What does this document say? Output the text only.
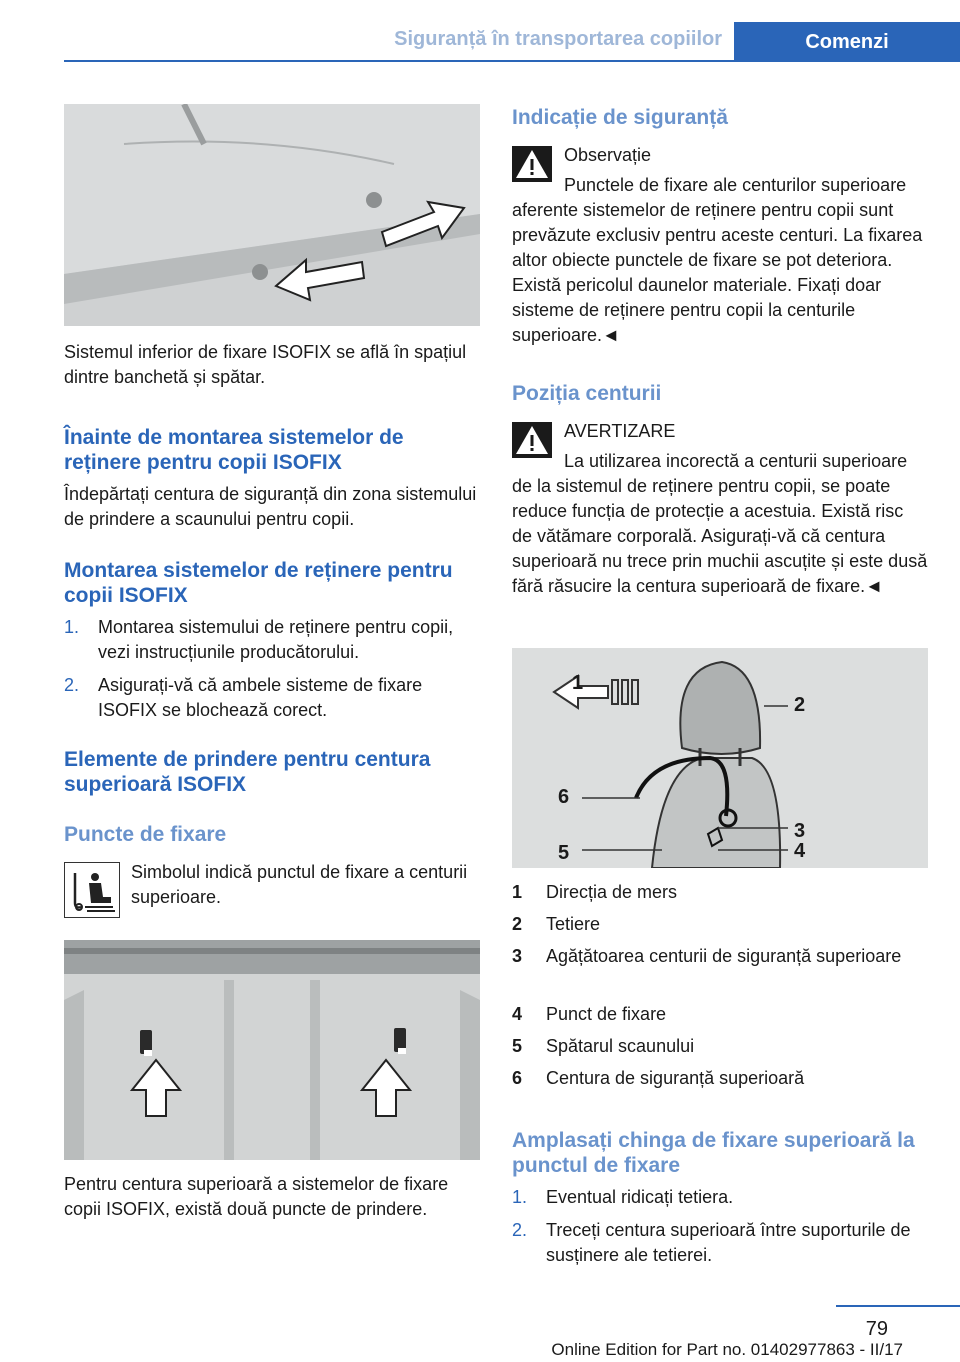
Siguranță în transportarea copiilor	Comenzi
Sistemul inferior de fixare ISOFIX se află în spațiul dintre banchetă și spătar.
Înainte de montarea sistemelor de reținere pentru copii ISOFIX
Îndepărtați centura de siguranță din zona sistemului de prindere a scaunului pentru copii.
Montarea sistemelor de reținere pentru copii ISOFIX
1. Montarea sistemului de reținere pentru copii, vezi instrucțiunile producătorului.
2. Asigurați-vă că ambele sisteme de fixare ISOFIX se blochează corect.
Elemente de prindere pentru centura superioară ISOFIX
Puncte de fixare
Simbolul indică punctul de fixare a centurii superioare.
Pentru centura superioară a sistemelor de fixare copii ISOFIX, există două puncte de prindere.
Indicație de siguranță
Observație
Punctele de fixare ale centurilor superioare aferente sistemelor de reținere pentru copii sunt prevăzute exclusiv pentru aceste centuri. La fixarea altor obiecte punctele de fixare se pot deteriora. Există pericolul daunelor materiale. Fixați doar sisteme de reținere pentru copii la centurile superioare.◄
Poziția centurii
AVERTIZARE
La utilizarea incorectă a centurii superioare de la sistemul de reținere pentru copii, se poate reduce funcția de protecție a acestuia. Există risc de vătămare corporală. Asigurați-vă că centura superioară nu trece prin muchii ascuțite și este dusă fără răsucire la centura superioară de fixare.◄
1
2
3
4
5
6
1 Direcția de mers
2 Tetiere
3 Agățătoarea centurii de siguranță superioare
4 Punct de fixare
5 Spătarul scaunului
6 Centura de siguranță superioară
Amplasați chinga de fixare superioară la punctul de fixare
1. Eventual ridicați tetiera.
2. Treceți centura superioară între suporturile de susținere ale tetierei.
79
Online Edition for Part no. 01402977863 - II/17
